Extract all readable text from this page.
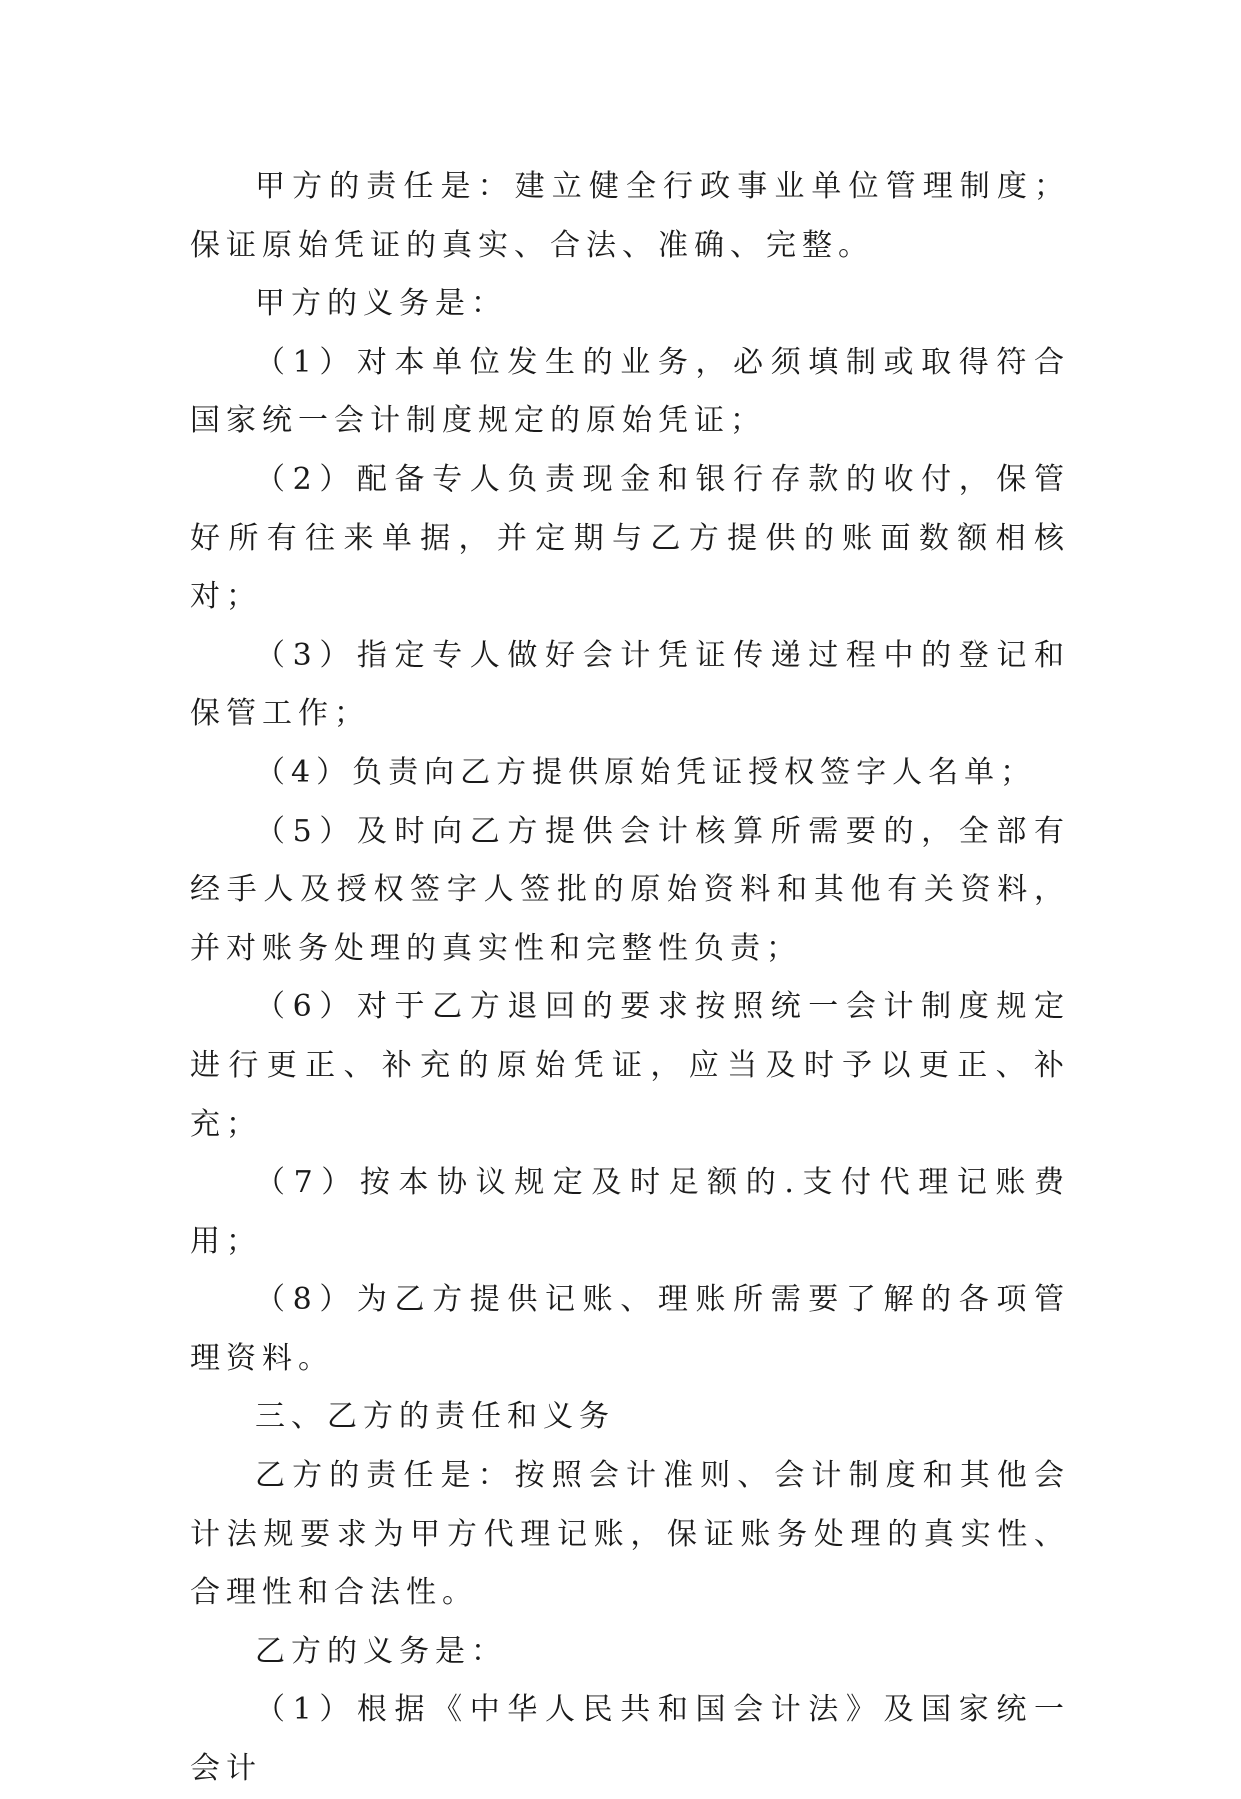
甲方的责任是：建立健全行政事业单位管理制度；保证原始凭证的真实、合法、准确、完整。

甲方的义务是：

（1）对本单位发生的业务，必须填制或取得符合国家统一会计制度规定的原始凭证；

（2）配备专人负责现金和银行存款的收付，保管好所有往来单据，并定期与乙方提供的账面数额相核对；

（3）指定专人做好会计凭证传递过程中的登记和保管工作；

（4）负责向乙方提供原始凭证授权签字人名单；

（5）及时向乙方提供会计核算所需要的，全部有经手人及授权签字人签批的原始资料和其他有关资料，并对账务处理的真实性和完整性负责；

（6）对于乙方退回的要求按照统一会计制度规定进行更正、补充的原始凭证，应当及时予以更正、补充；

（7）按本协议规定及时足额的.支付代理记账费用；

（8）为乙方提供记账、理账所需要了解的各项管理资料。

三、乙方的责任和义务

乙方的责任是：按照会计准则、会计制度和其他会计法规要求为甲方代理记账，保证账务处理的真实性、合理性和合法性。

乙方的义务是：

（1）根据《中华人民共和国会计法》及国家统一会计
